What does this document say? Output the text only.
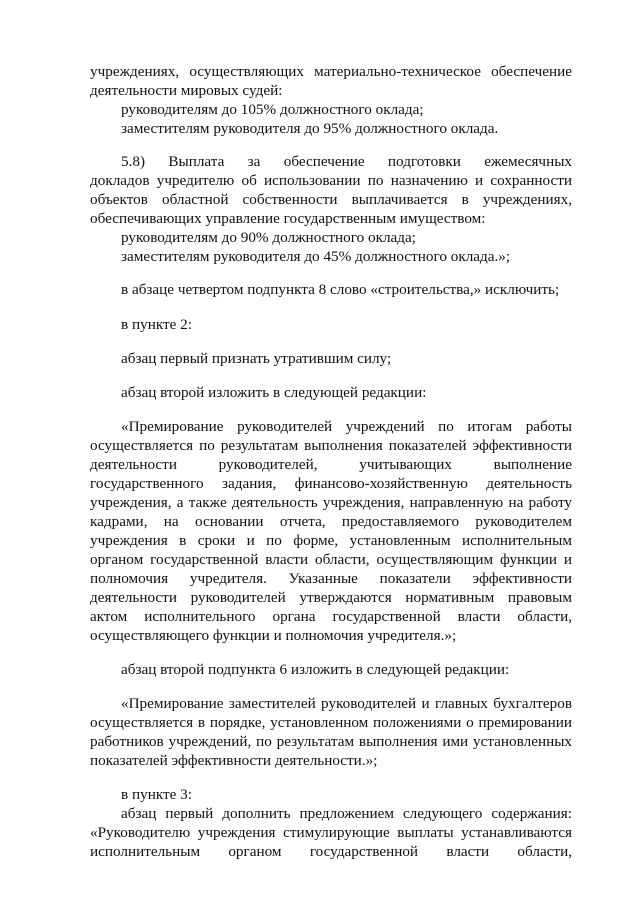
учреждениях, осуществляющих материально-техническое обеспечение
деятельности мировых судей:
руководителям до 105% должностного оклада;
заместителям руководителя до 95% должностного оклада.
5.8) Выплата за обеспечение подготовки ежемесячных
докладов учредителю об использовании по назначению и сохранности
объектов областной собственности выплачивается в учреждениях,
обеспечивающих управление государственным имуществом:
руководителям до 90% должностного оклада;
заместителям руководителя до 45% должностного оклада.»;
в абзаце четвертом подпункта 8 слово «строительства,» исключить;
в пункте 2:
абзац первый признать утратившим силу;
абзац второй изложить в следующей редакции:
«Премирование руководителей учреждений по итогам работы
осуществляется по результатам выполнения показателей эффективности
деятельности руководителей, учитывающих выполнение
государственного задания, финансово-хозяйственную деятельность
учреждения, а также деятельность учреждения, направленную на работу
кадрами, на основании отчета, предоставляемого руководителем
учреждения в сроки и по форме, установленным исполнительным
органом государственной власти области, осуществляющим функции и
полномочия учредителя. Указанные показатели эффективности
деятельности руководителей утверждаются нормативным правовым
актом исполнительного органа государственной власти области,
осуществляющего функции и полномочия учредителя.»;
абзац второй подпункта 6 изложить в следующей редакции:
«Премирование заместителей руководителей и главных бухгалтеров
осуществляется в порядке, установленном положениями о премировании
работников учреждений, по результатам выполнения ими установленных
показателей эффективности деятельности.»;
в пункте 3:
абзац первый дополнить предложением следующего содержания:
«Руководителю учреждения стимулирующие выплаты устанавливаются
исполнительным органом государственной власти области,
